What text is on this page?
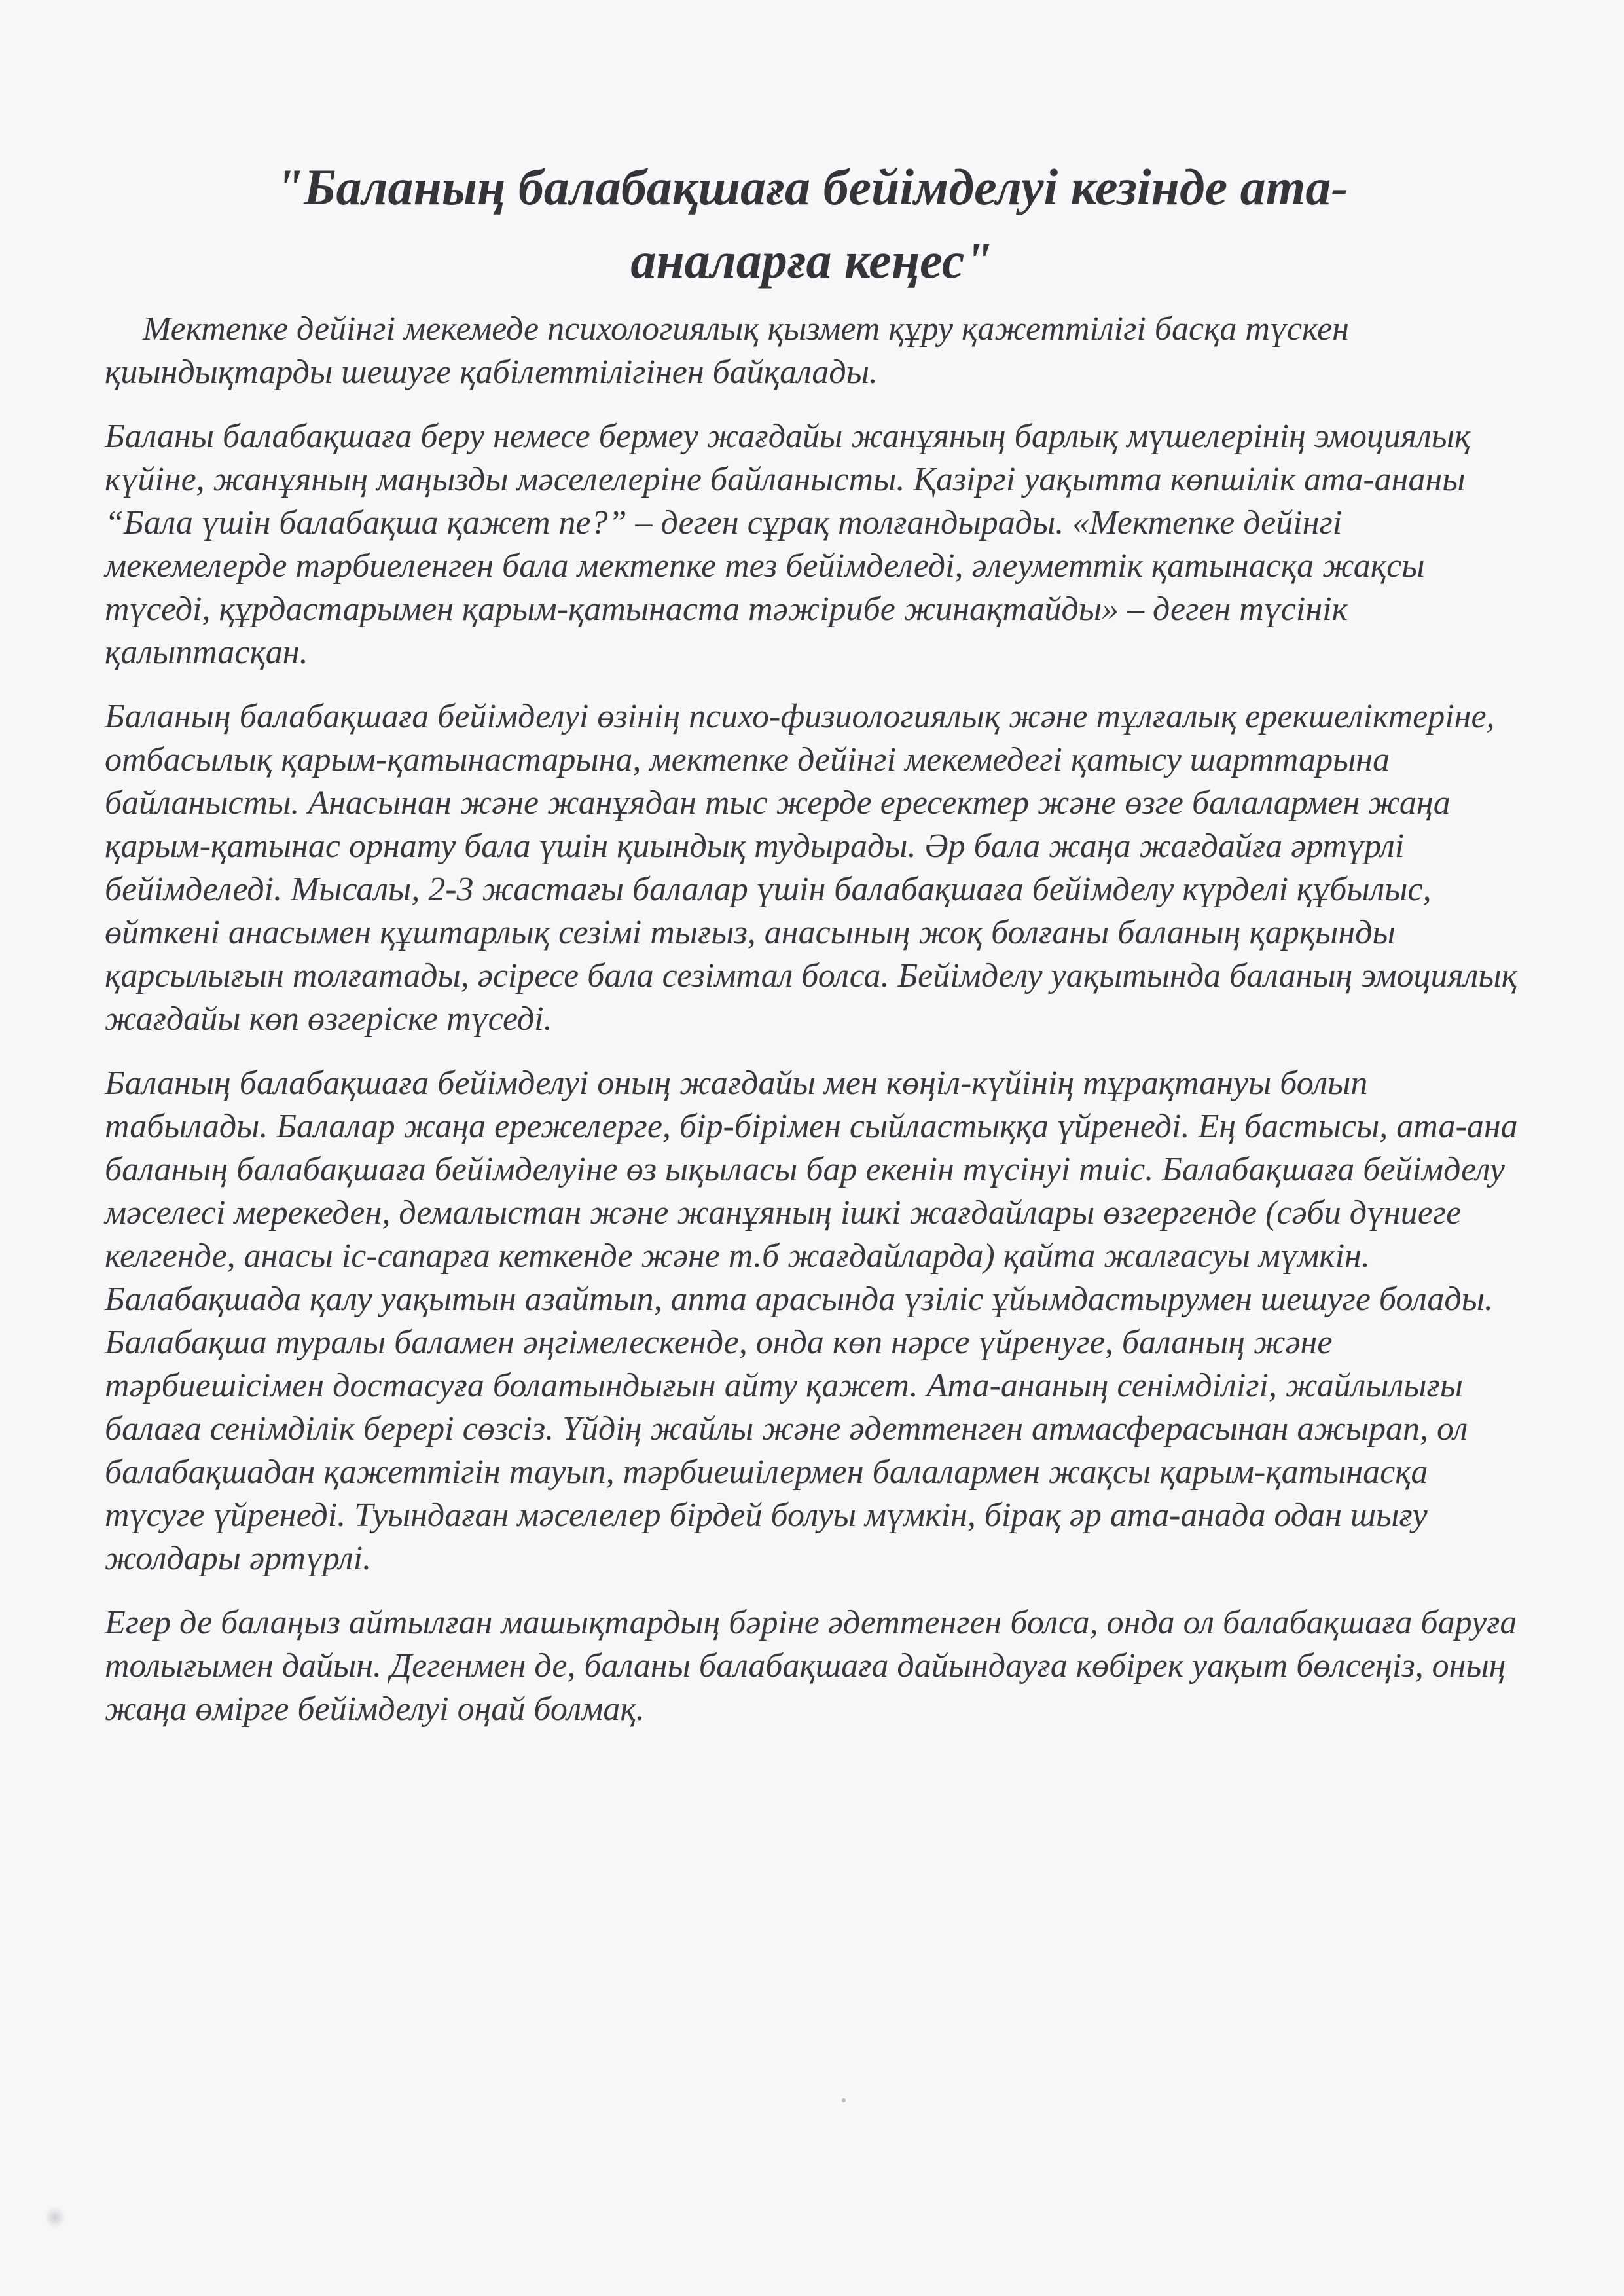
"Баланың балабақшаға бейімделуі кезінде ата-
аналарға кеңес"

Мектепке дейінгі мекемеде психологиялық қызмет құру қажеттілігі басқа түскен қиындықтарды шешуге қабілеттілігінен байқалады.

Баланы балабақшаға беру немесе бермеу жағдайы жанұяның барлық мүшелерінің эмоциялық күйіне, жанұяның маңызды мәселелеріне байланысты. Қазіргі уақытта көпшілік ата-ананы “Бала үшін балабақша қажет пе?” – деген сұрақ толғандырады. «Мектепке дейінгі мекемелерде тәрбиеленген бала мектепке тез бейімделеді, әлеуметтік қатынасқа жақсы түседі, құрдастарымен қарым-қатынаста тәжірибе жинақтайды» – деген түсінік қалыптасқан.

Баланың балабақшаға бейімделуі өзінің психо-физиологиялық және тұлғалық ерекшеліктеріне, отбасылық қарым-қатынастарына, мектепке дейінгі мекемедегі қатысу шарттарына байланысты. Анасынан және жанұядан тыс жерде ересектер және өзге балалармен жаңа қарым-қатынас орнату бала үшін қиындық тудырады. Әр бала жаңа жағдайға әртүрлі бейімделеді. Мысалы, 2-3 жастағы балалар үшін балабақшаға бейімделу күрделі құбылыс, өйткені анасымен құштарлық сезімі тығыз, анасының жоқ болғаны баланың қарқынды қарсылығын толғатады, әсіресе бала сезімтал болса. Бейімделу уақытында баланың эмоциялық жағдайы көп өзгеріске түседі.

Баланың балабақшаға бейімделуі оның жағдайы мен көңіл-күйінің тұрақтануы болып табылады. Балалар жаңа ережелерге, бір-бірімен сыйластыққа үйренеді. Ең бастысы, ата-ана баланың балабақшаға бейімделуіне өз ықыласы бар екенін түсінуі тиіс. Балабақшаға бейімделу мәселесі мерекеден, демалыстан және жанұяның ішкі жағдайлары өзгергенде (сәби дүниеге келгенде, анасы іс-сапарға кеткенде және т.б жағдайларда) қайта жалғасуы мүмкін. Балабақшада қалу уақытын азайтып, апта арасында үзіліс ұйымдастырумен шешуге болады. Балабақша туралы баламен әңгімелескенде, онда көп нәрсе үйренуге, баланың және тәрбиешісімен достасуға болатындығын айту қажет. Ата-ананың сенімділігі, жайлылығы балаға сенімділік берері сөзсіз. Үйдің жайлы және әдеттенген атмасферасынан ажырап, ол балабақшадан қажеттігін тауып, тәрбиешілермен балалармен жақсы қарым-қатынасқа түсуге үйренеді. Туындаған мәселелер бірдей болуы мүмкін, бірақ әр ата-анада одан шығу жолдары әртүрлі.

Егер де балаңыз айтылған машықтардың бәріне әдеттенген болса, онда ол балабақшаға баруға толығымен дайын. Дегенмен де, баланы балабақшаға дайындауға көбірек уақыт бөлсеңіз, оның жаңа өмірге бейімделуі оңай болмақ.
